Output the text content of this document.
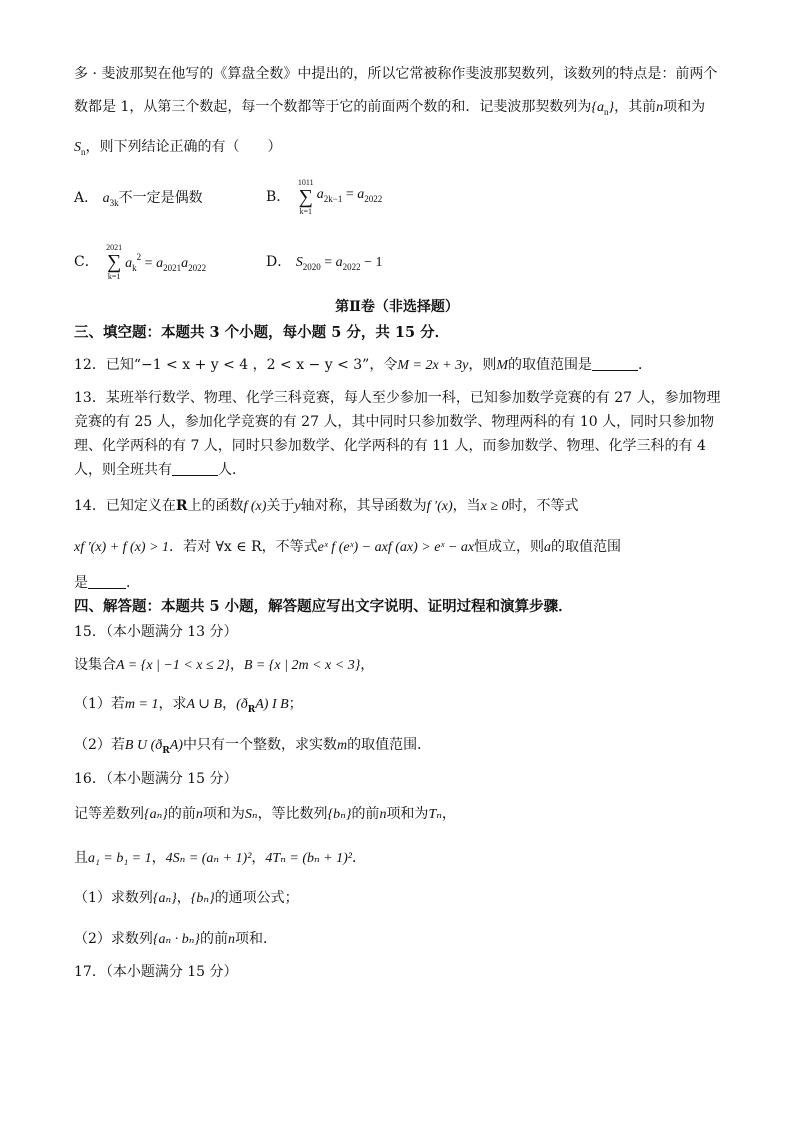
多 · 斐波那契在他写的《算盘全数》中提出的，所以它常被称作斐波那契数列，该数列的特点是：前两个
数都是 1，从第三个数起，每一个数都等于它的前面两个数的和．记斐波那契数列为$\{a_n\}$，其前n项和为
$S_n$，则下列结论正确的有（　　）
A． $a_{3k}$不一定是偶数	B．
1011
∑
k=1
$a_{2k-1} = a_{2022}$
C．
2021
∑
k=1
$a_k^2 = a_{2021}a_{2022}$	D． $S_{2020} = a_{2022} - 1$
第Ⅱ卷（非选择题）
三、填空题：本题共 3 个小题，每小题 5 分，共 15 分．
12．已知“−1 < x + y < 4 ，2 < x − y < 3”，令M = 2x + 3y，则M的取值范围是	．
13．某班举行数学、物理、化学三科竞赛，每人至少参加一科，已知参加数学竞赛的有 27 人，参加物理
竞赛的有 25 人，参加化学竞赛的有 27 人，其中同时只参加数学、物理两科的有 10 人，同时只参加物
理、化学两科的有 7 人，同时只参加数学、化学两科的有 11 人，而参加数学、物理、化学三科的有 4
人，则全班共有	人．
14．已知定义在R上的函数f (x)关于y轴对称，其导函数为f ′(x)，当x ≥ 0时，不等式
xf ′(x) + f (x) > 1．若对 ∀x ∈ R，不等式eˣ f (eˣ) − axf (ax) > eˣ − ax恒成立，则a的取值范围
是	．
四、解答题：本题共 5 小题，解答题应写出文字说明、证明过程和演算步骤．
15．（本小题满分 13 分）
设集合A = {x | −1 < x ≤ 2}，B = {x | 2m < x < 3}，
（1）若m = 1，求A ∪ B，$(ð_RA)$ I B；
（2）若B U $(ð_RA)$中只有一个整数，求实数m的取值范围．
16．（本小题满分 15 分）
记等差数列{aₙ}的前n项和为Sₙ，等比数列{bₙ}的前n项和为Tₙ，
且a₁ = b₁ = 1，4Sₙ = (aₙ + 1)²，4Tₙ = (bₙ + 1)²．
（1）求数列{aₙ}，{bₙ}的通项公式；
（2）求数列{aₙ · bₙ}的前n项和．
17．（本小题满分 15 分）
